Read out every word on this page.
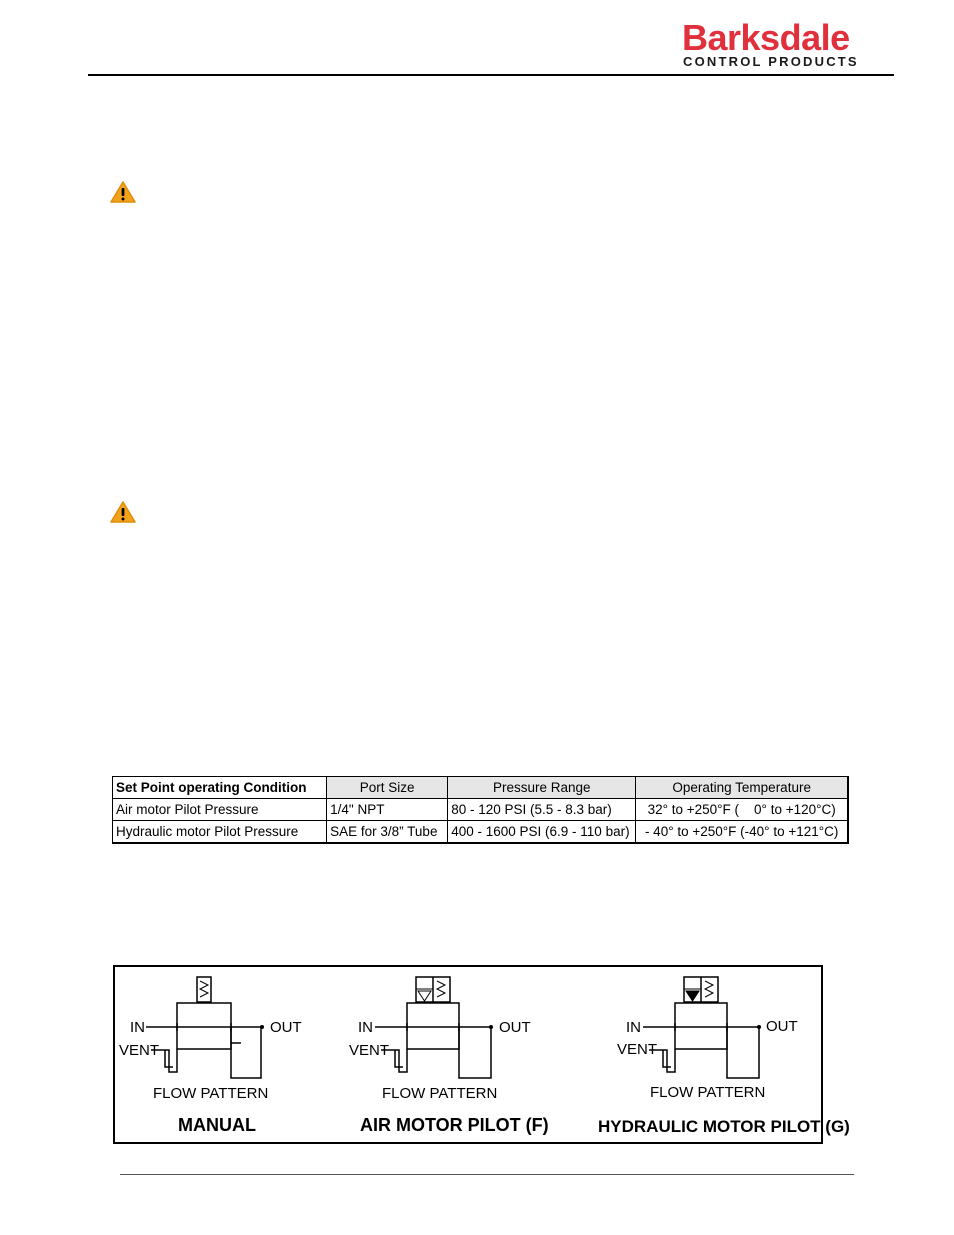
Barksdale
CONTROL PRODUCTS
Set Point operating Condition	Port Size	Pressure Range	Operating Temperature
Air motor Pilot Pressure	1/4" NPT	80 - 120 PSI (5.5 - 8.3 bar)	32° to +250°F (    0° to +120°C)
Hydraulic motor Pilot Pressure	SAE for 3/8” Tube	400 - 1600 PSI (6.9 - 110 bar)	- 40° to +250°F (-40° to +121°C)
IN	OUT
VENT
FLOW PATTERN
MANUAL
IN	OUT
VENT
FLOW PATTERN
AIR MOTOR PILOT (F)
IN	OUT
VENT
FLOW PATTERN
HYDRAULIC MOTOR PILOT (G)
